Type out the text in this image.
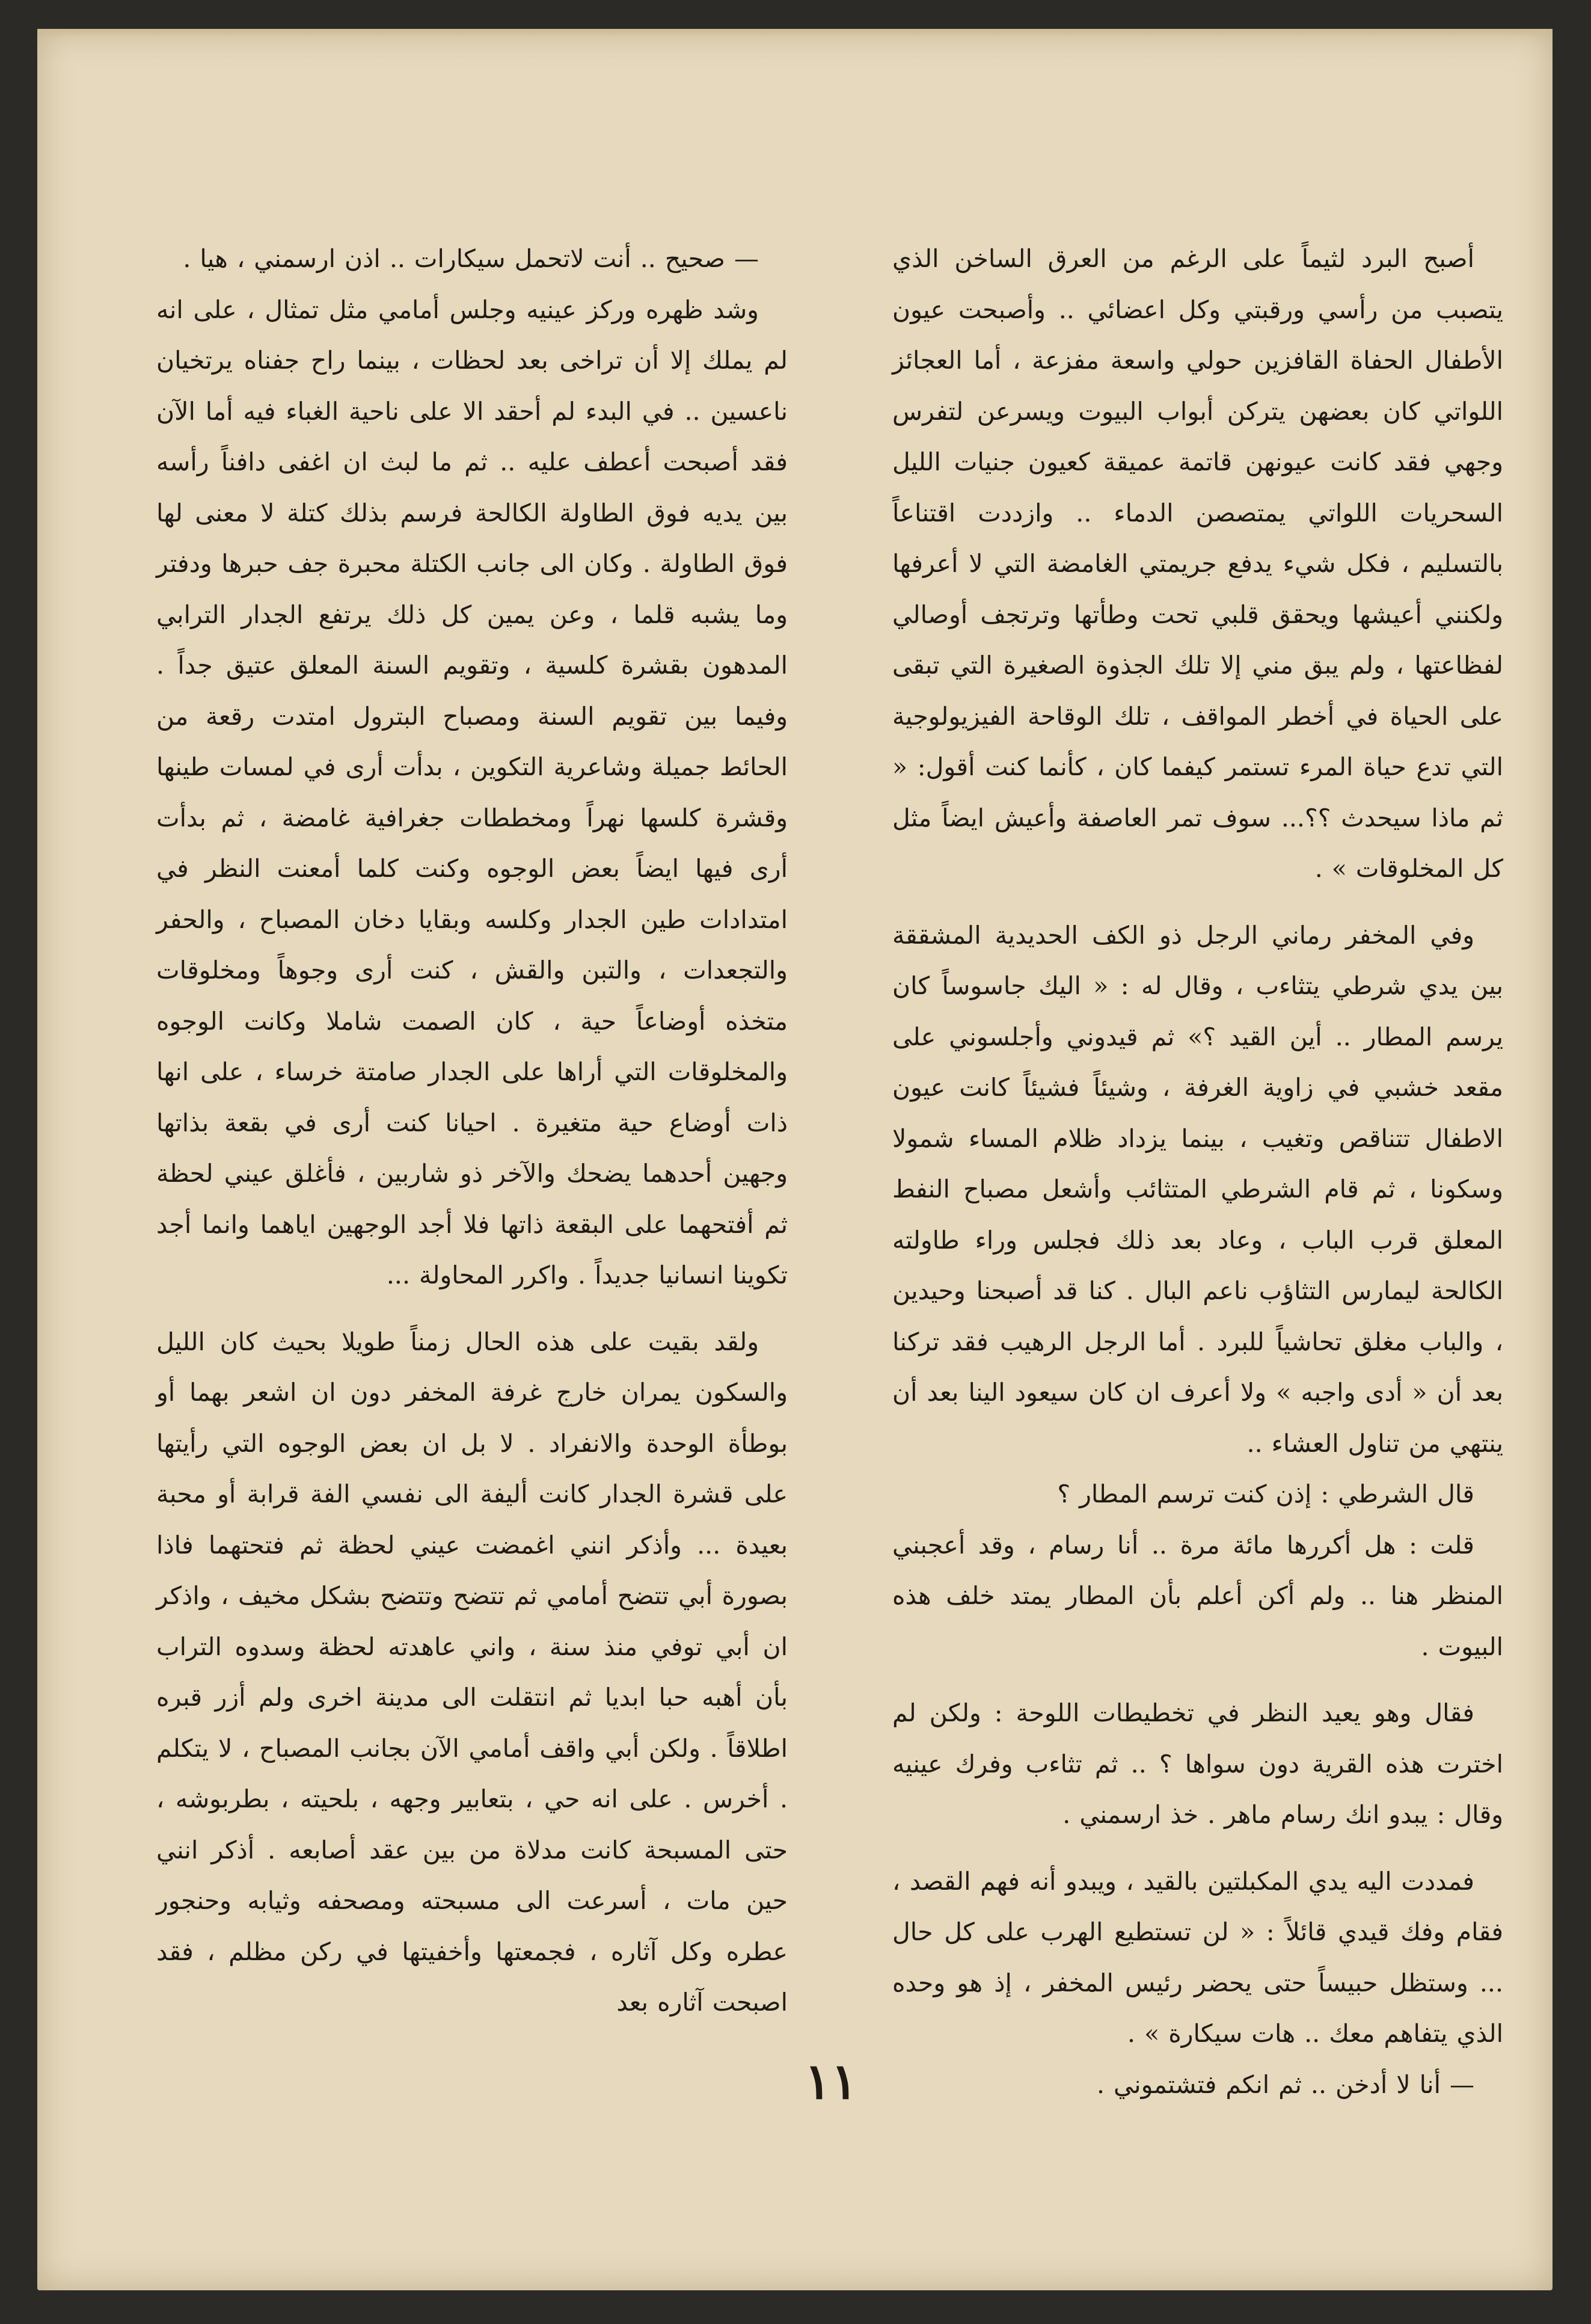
أصبح البرد لثيماً على الرغم من العرق الساخن الذي يتصبب من رأسي ورقبتي وكل اعضائي .. وأصبحت عيون الأطفال الحفاة القافزين حولي واسعة مفزعة ، أما العجائز اللواتي كان بعضهن يتركن أبواب البيوت ويسرعن لتفرس وجهي فقد كانت عيونهن قاتمة عميقة كعيون جنيات الليل السحريات اللواتي يمتصصن الدماء .. وازددت اقتناعاً بالتسليم ، فكل شيء يدفع جريمتي الغامضة التي لا أعرفها ولكنني أعيشها ويحقق قلبي تحت وطأتها وترتجف أوصالي لفظاعتها ، ولم يبق مني إلا تلك الجذوة الصغيرة التي تبقى على الحياة في أخطر المواقف ، تلك الوقاحة الفيزيولوجية التي تدع حياة المرء تستمر كيفما كان ، كأنما كنت أقول: « ثم ماذا سيحدث ؟؟... سوف تمر العاصفة وأعيش ايضاً مثل كل المخلوقات » .

وفي المخفر رماني الرجل ذو الكف الحديدية المشققة بين يدي شرطي يتثاءب ، وقال له : « اليك جاسوساً كان يرسم المطار .. أين القيد ؟» ثم قيدوني وأجلسوني على مقعد خشبي في زاوية الغرفة ، وشيئاً فشيئاً كانت عيون الاطفال تتناقص وتغيب ، بينما يزداد ظلام المساء شمولا وسكونا ، ثم قام الشرطي المتثائب وأشعل مصباح النفط المعلق قرب الباب ، وعاد بعد ذلك فجلس وراء طاولته الكالحة ليمارس التثاؤب ناعم البال . كنا قد أصبحنا وحيدين ، والباب مغلق تحاشياً للبرد . أما الرجل الرهيب فقد تركنا بعد أن « أدى واجبه » ولا أعرف ان كان سيعود الينا بعد أن ينتهي من تناول العشاء ..

قال الشرطي : إذن كنت ترسم المطار ؟

قلت : هل أكررها مائة مرة .. أنا رسام ، وقد أعجبني المنظر هنا .. ولم أكن أعلم بأن المطار يمتد خلف هذه البيوت .

فقال وهو يعيد النظر في تخطيطات اللوحة : ولكن لم اخترت هذه القرية دون سواها ؟ .. ثم تثاءب وفرك عينيه وقال : يبدو انك رسام ماهر . خذ ارسمني .

فمددت اليه يدي المكبلتين بالقيد ، ويبدو أنه فهم القصد ، فقام وفك قيدي قائلاً : « لن تستطيع الهرب على كل حال ... وستظل حبيساً حتى يحضر رئيس المخفر ، إذ هو وحده الذي يتفاهم معك .. هات سيكارة » .

— أنا لا أدخن .. ثم انكم فتشتموني .

— صحيح .. أنت لاتحمل سيكارات .. اذن ارسمني ، هيا .

وشد ظهره وركز عينيه وجلس أمامي مثل تمثال ، على انه لم يملك إلا أن تراخى بعد لحظات ، بينما راح جفناه يرتخيان ناعسين .. في البدء لم أحقد الا على ناحية الغباء فيه أما الآن فقد أصبحت أعطف عليه .. ثم ما لبث ان اغفى دافناً رأسه بين يديه فوق الطاولة الكالحة فرسم بذلك كتلة لا معنى لها فوق الطاولة . وكان الى جانب الكتلة محبرة جف حبرها ودفتر وما يشبه قلما ، وعن يمين كل ذلك يرتفع الجدار الترابي المدهون بقشرة كلسية ، وتقويم السنة المعلق عتيق جداً . وفيما بين تقويم السنة ومصباح البترول امتدت رقعة من الحائط جميلة وشاعرية التكوين ، بدأت أرى في لمسات طينها وقشرة كلسها نهراً ومخططات جغرافية غامضة ، ثم بدأت أرى فيها ايضاً بعض الوجوه وكنت كلما أمعنت النظر في امتدادات طين الجدار وكلسه وبقايا دخان المصباح ، والحفر والتجعدات ، والتبن والقش ، كنت أرى وجوهاً ومخلوقات متخذه أوضاعاً حية ، كان الصمت شاملا وكانت الوجوه والمخلوقات التي أراها على الجدار صامتة خرساء ، على انها ذات أوضاع حية متغيرة . احيانا كنت أرى في بقعة بذاتها وجهين أحدهما يضحك والآخر ذو شاربين ، فأغلق عيني لحظة ثم أفتحهما على البقعة ذاتها فلا أجد الوجهين اياهما وانما أجد تكوينا انسانيا جديداً . واكرر المحاولة ...

ولقد بقيت على هذه الحال زمناً طويلا بحيث كان الليل والسكون يمران خارج غرفة المخفر دون ان اشعر بهما أو بوطأة الوحدة والانفراد . لا بل ان بعض الوجوه التي رأيتها على قشرة الجدار كانت أليفة الى نفسي الفة قرابة أو محبة بعيدة ... وأذكر انني اغمضت عيني لحظة ثم فتحتهما فاذا بصورة أبي تتضح أمامي ثم تتضح وتتضح بشكل مخيف ، واذكر ان أبي توفي منذ سنة ، واني عاهدته لحظة وسدوه التراب بأن أهبه حبا ابديا ثم انتقلت الى مدينة اخرى ولم أزر قبره اطلاقاً . ولكن أبي واقف أمامي الآن بجانب المصباح ، لا يتكلم . أخرس . على انه حي ، بتعابير وجهه ، بلحيته ، بطربوشه ، حتى المسبحة كانت مدلاة من بين عقد أصابعه . أذكر انني حين مات ، أسرعت الى مسبحته ومصحفه وثيابه وحنجور عطره وكل آثاره ، فجمعتها وأخفيتها في ركن مظلم ، فقد اصبحت آثاره بعد

١١
